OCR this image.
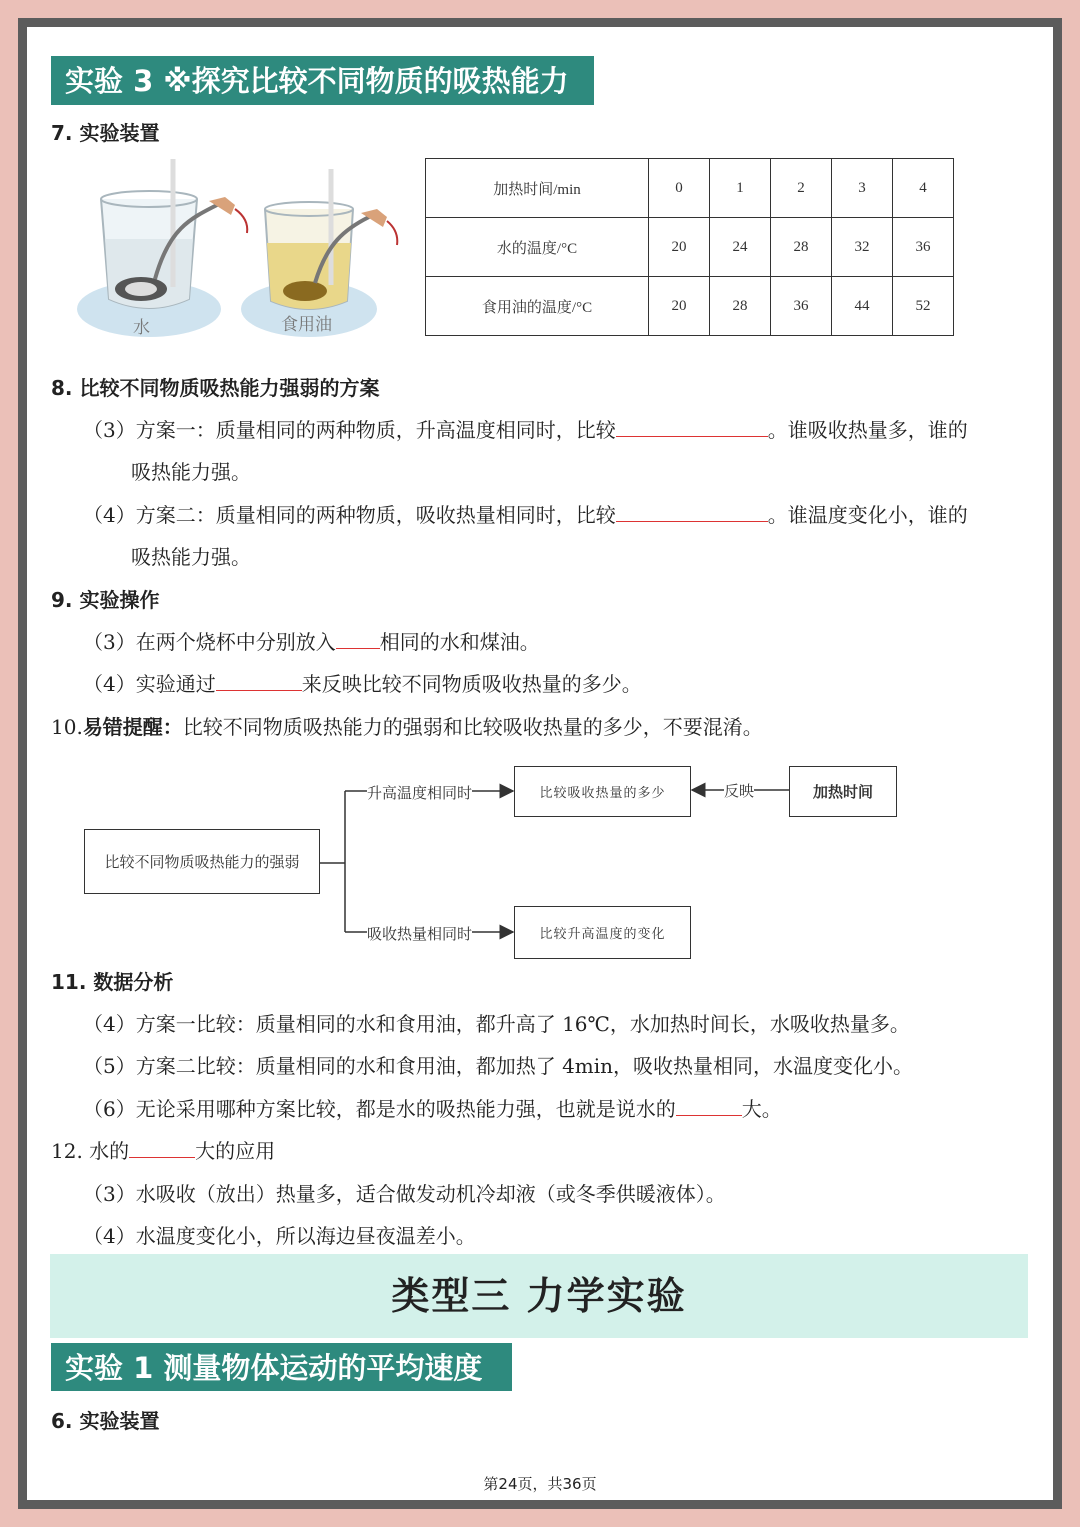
实验 3 ※探究比较不同物质的吸热能力
7. 实验装置
水	食用油
加热时间/min	0	1	2	3	4
水的温度/°C	20	24	28	32	36
食用油的温度/°C	20	28	36	44	52
8. 比较不同物质吸热能力强弱的方案
（3）方案一：质量相同的两种物质，升高温度相同时，比较	。谁吸收热量多，谁的
吸热能力强。
（4）方案二：质量相同的两种物质，吸收热量相同时，比较	。谁温度变化小，谁的
吸热能力强。
9. 实验操作
（3）在两个烧杯中分别放入 相同的水和煤油。
（4）实验通过	来反映比较不同物质吸收热量的多少。
10.易错提醒：比较不同物质吸热能力的强弱和比较吸收热量的多少，不要混淆。
比较不同物质吸热能力的强弱
比较吸收热量的多少	加热时间
比较升高温度的变化
升高温度相同时
吸收热量相同时
反映
11. 数据分析
（4）方案一比较：质量相同的水和食用油，都升高了 16℃，水加热时间长，水吸收热量多。
（5）方案二比较：质量相同的水和食用油，都加热了 4min，吸收热量相同，水温度变化小。
（6）无论采用哪种方案比较，都是水的吸热能力强，也就是说水的	大。
12. 水的	大的应用
（3）水吸收（放出）热量多，适合做发动机冷却液（或冬季供暖液体）。
（4）水温度变化小，所以海边昼夜温差小。
类型三 力学实验
实验 1 测量物体运动的平均速度
6. 实验装置
第24页，共36页
